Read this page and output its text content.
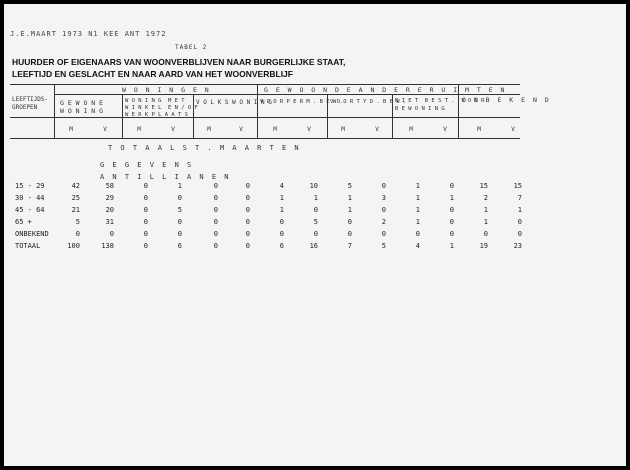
J.E.MAART 1973 N1 KEE ANT 1972
TABEL 2
HUURDER OF EIGENAARS VAN WOONVERBLIJVEN NAAR BURGERLIJKE STAAT,
LEEFTIJD EN GESLACHT EN NAAR AARD VAN HET WOONVERBLIJF
W O N I N G E N	G E W O O N D E A N D E R E R U I M T E N
O N B E K E N D
LEEFTIJDS-
GROEPEN
G E W O N E
W O N I N G
W O N I N G  M E T
W I N K E L  E N / O F
W E R K P L A A T S
V O L K S W O N I N G
V O O R P E R M . B E W .
V O O R T Y D . B E W .
N I E T  B E S T .  V O O R
B E W O N I N G
M	V	M	V	M	V	M	V	M	V	M	V	M	V
T O T A A L S T . M A A R T E N
G E G E V E N S
A N T I L L I A N E N
15 - 29	42	58	0	1	0	0	4	10	5	0	1	0	15	15
30 - 44	25	29	0	0	0	0	1	1	1	3	1	1	2	7
45 - 64	21	20	0	5	0	0	1	0	1	0	1	0	1	1
65 +	5	31	0	0	0	0	0	5	0	2	1	0	1	0
ONBEKEND	0	0	0	0	0	0	0	0	0	0	0	0	0	0
TOTAAL	100	138	0	6	0	0	6	16	7	5	4	1	19	23
